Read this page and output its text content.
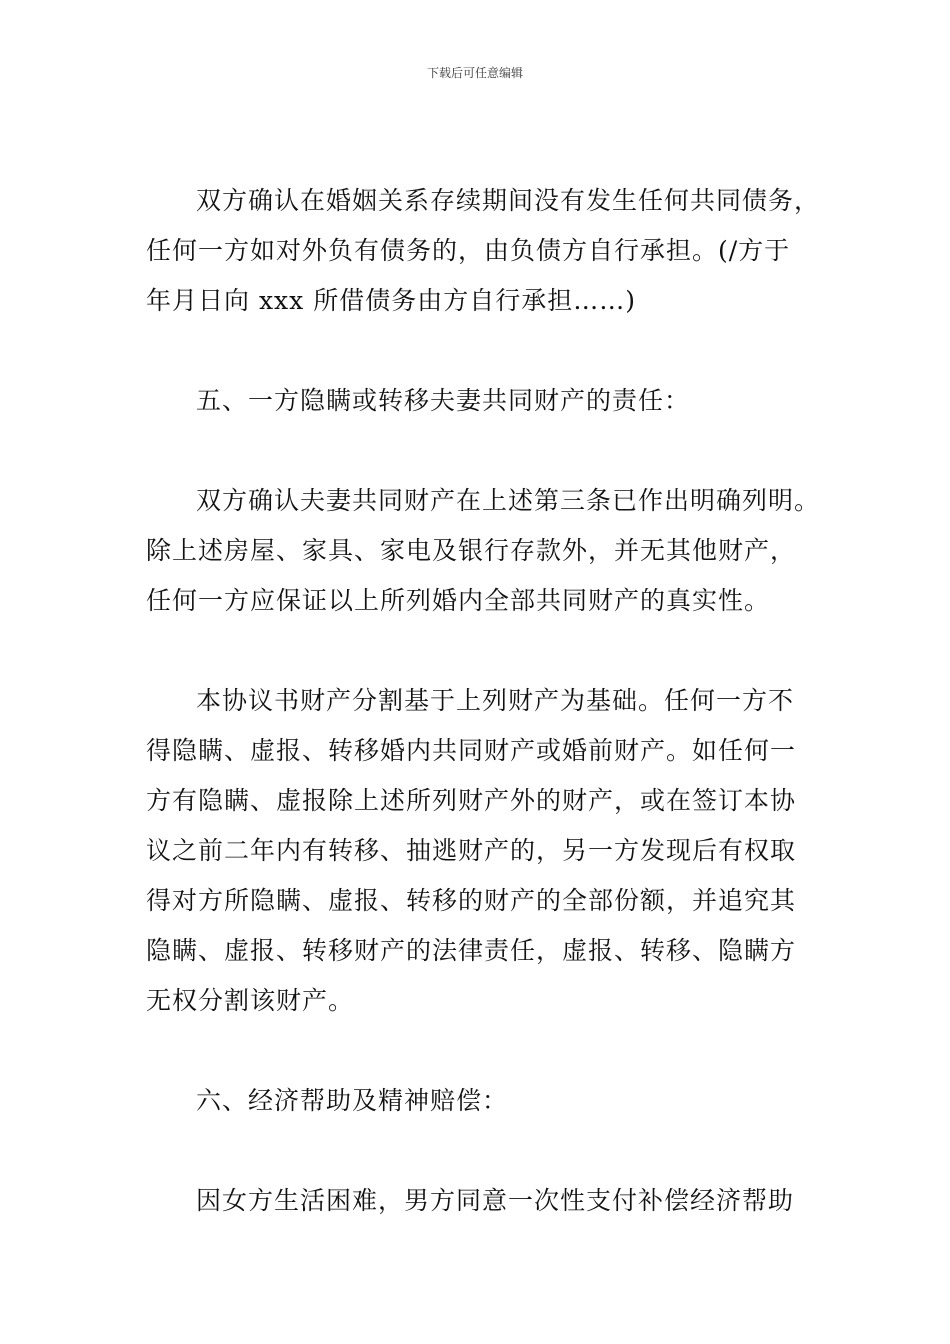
下载后可任意编辑

双方确认在婚姻关系存续期间没有发生任何共同债务，
任何一方如对外负有债务的，由负债方自行承担。(/方于
年月日向 xxx 所借债务由方自行承担……)

五、一方隐瞒或转移夫妻共同财产的责任：

双方确认夫妻共同财产在上述第三条已作出明确列明。
除上述房屋、家具、家电及银行存款外，并无其他财产，
任何一方应保证以上所列婚内全部共同财产的真实性。

本协议书财产分割基于上列财产为基础。任何一方不
得隐瞒、虚报、转移婚内共同财产或婚前财产。如任何一
方有隐瞒、虚报除上述所列财产外的财产，或在签订本协
议之前二年内有转移、抽逃财产的，另一方发现后有权取
得对方所隐瞒、虚报、转移的财产的全部份额，并追究其
隐瞒、虚报、转移财产的法律责任，虚报、转移、隐瞒方
无权分割该财产。

六、经济帮助及精神赔偿：

因女方生活困难，男方同意一次性支付补偿经济帮助
